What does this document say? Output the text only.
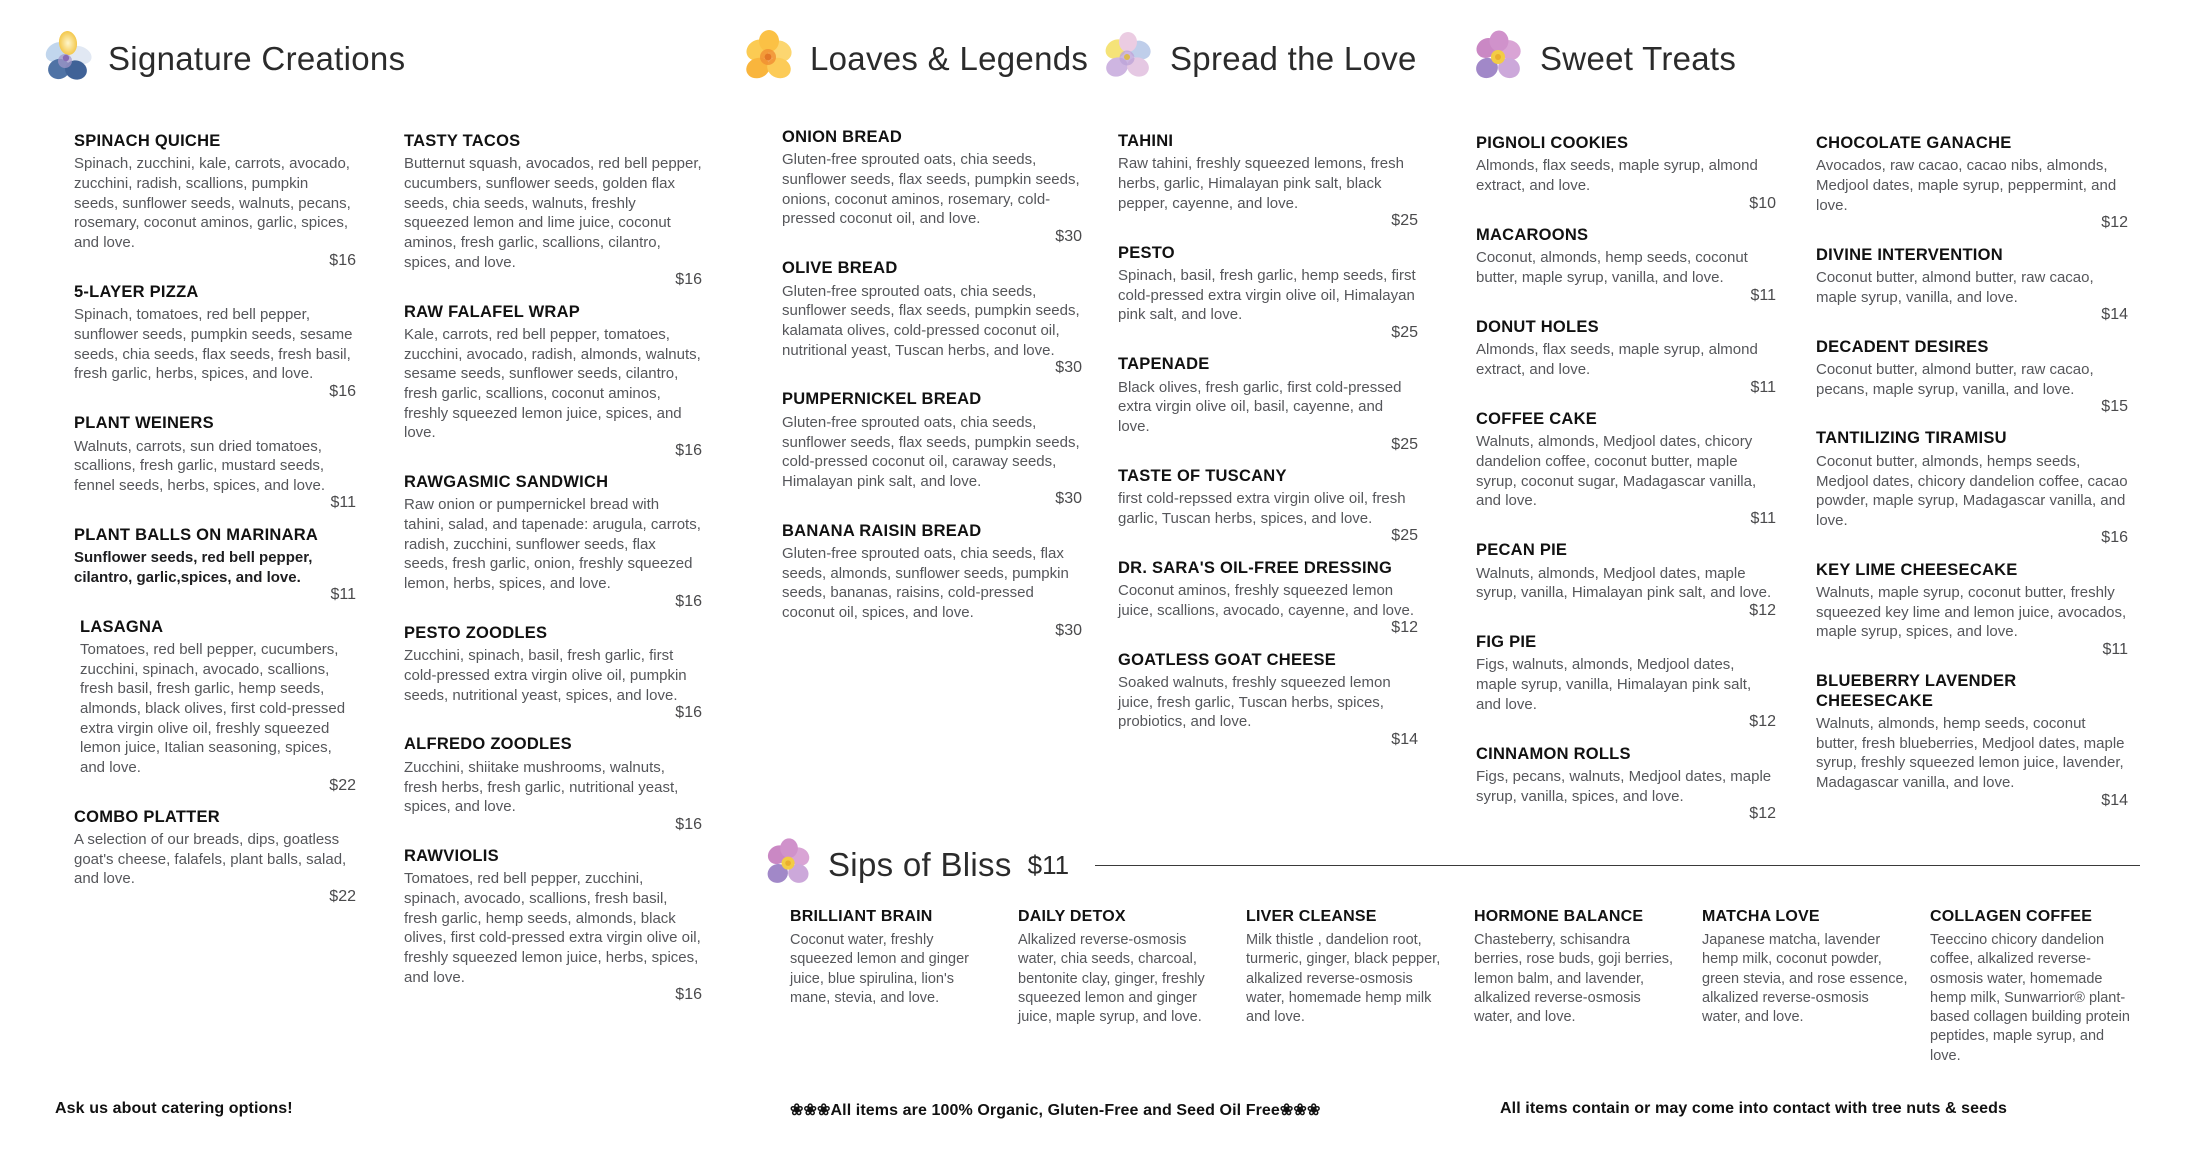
Signature Creations
SPINACH QUICHE
Spinach, zucchini, kale, carrots, avocado, zucchini, radish, scallions, pumpkin seeds, sunflower seeds, walnuts, pecans, rosemary, coconut aminos, garlic, spices, and love.
$16
5-LAYER PIZZA
Spinach, tomatoes, red bell pepper, sunflower seeds, pumpkin seeds, sesame seeds, chia seeds, flax seeds, fresh basil, fresh garlic, herbs, spices, and love.
$16
PLANT WEINERS
Walnuts, carrots, sun dried tomatoes, scallions, fresh garlic, mustard seeds, fennel seeds, herbs, spices, and love.
$11
PLANT BALLS ON MARINARA
Sunflower seeds, red bell pepper, cilantro, garlic,spices, and love.
$11
LASAGNA
Tomatoes, red bell pepper, cucumbers, zucchini, spinach, avocado, scallions, fresh basil, fresh garlic, hemp seeds, almonds, black olives, first cold-pressed extra virgin olive oil, freshly squeezed lemon juice, Italian seasoning, spices, and love.
$22
COMBO PLATTER
A selection of our breads, dips, goatless goat's cheese, falafels, plant balls, salad, and love.
$22
TASTY TACOS
Butternut squash, avocados, red bell pepper, cucumbers, sunflower seeds, golden flax seeds, chia seeds, walnuts, freshly squeezed lemon and lime juice, coconut aminos, fresh garlic, scallions, cilantro, spices, and love.
$16
RAW FALAFEL WRAP
Kale, carrots, red bell pepper, tomatoes, zucchini, avocado, radish, almonds, walnuts, sesame seeds, sunflower seeds, cilantro, fresh garlic, scallions, coconut aminos, freshly squeezed lemon juice, spices, and love.
$16
RAWGASMIC SANDWICH
Raw onion or pumpernickel bread with tahini, salad, and tapenade: arugula, carrots, radish, zucchini, sunflower seeds, flax seeds, fresh garlic, onion, freshly squeezed lemon, herbs, spices, and love.
$16
PESTO ZOODLES
Zucchini, spinach, basil, fresh garlic, first cold-pressed extra virgin olive oil, pumpkin seeds, nutritional yeast, spices, and love.
$16
ALFREDO ZOODLES
Zucchini, shiitake mushrooms, walnuts, fresh herbs, fresh garlic, nutritional yeast, spices, and love.
$16
RAWVIOLIS
Tomatoes, red bell pepper, zucchini, spinach, avocado, scallions, fresh basil, fresh garlic, hemp seeds, almonds, black olives, first cold-pressed extra virgin olive oil, freshly squeezed lemon juice, herbs, spices, and love.
$16
Loaves & Legends
ONION BREAD
Gluten-free sprouted oats, chia seeds, sunflower seeds, flax seeds, pumpkin seeds, onions, coconut aminos, rosemary, cold-pressed coconut oil, and love.
$30
OLIVE BREAD
Gluten-free sprouted oats, chia seeds, sunflower seeds, flax seeds, pumpkin seeds, kalamata olives, cold-pressed coconut oil, nutritional yeast, Tuscan herbs, and love.
$30
PUMPERNICKEL BREAD
Gluten-free sprouted oats, chia seeds, sunflower seeds, flax seeds, pumpkin seeds, cold-pressed coconut oil, caraway seeds, Himalayan pink salt, and love.
$30
BANANA RAISIN BREAD
Gluten-free sprouted oats, chia seeds, flax seeds, almonds, sunflower seeds, pumpkin seeds, bananas, raisins, cold-pressed coconut oil, spices, and love.
$30
Spread the Love
TAHINI
Raw tahini, freshly squeezed lemons, fresh herbs, garlic, Himalayan pink salt, black pepper, cayenne, and love.
$25
PESTO
Spinach, basil, fresh garlic, hemp seeds, first cold-pressed extra virgin olive oil, Himalayan pink salt, and love.
$25
TAPENADE
Black olives, fresh garlic, first cold-pressed extra virgin olive oil, basil, cayenne, and love.
$25
TASTE OF TUSCANY
first cold-repssed extra virgin olive oil, fresh garlic, Tuscan herbs, spices, and love.
$25
DR. SARA'S OIL-FREE DRESSING
Coconut aminos, freshly squeezed lemon juice, scallions, avocado, cayenne, and love.
$12
GOATLESS GOAT CHEESE
Soaked walnuts, freshly squeezed lemon juice, fresh garlic, Tuscan herbs, spices, probiotics, and love.
$14
Sweet Treats
PIGNOLI COOKIES
Almonds, flax seeds, maple syrup, almond extract, and love.
$10
MACAROONS
Coconut, almonds, hemp seeds, coconut butter, maple syrup, vanilla, and love.
$11
DONUT HOLES
Almonds, flax seeds, maple syrup, almond extract, and love.
$11
COFFEE CAKE
Walnuts, almonds, Medjool dates, chicory dandelion coffee, coconut butter, maple syrup, coconut sugar, Madagascar vanilla, and love.
$11
PECAN PIE
Walnuts, almonds, Medjool dates, maple syrup, vanilla, Himalayan pink salt, and love.
$12
FIG PIE
Figs, walnuts, almonds, Medjool dates, maple syrup, vanilla, Himalayan pink salt, and love.
$12
CINNAMON ROLLS
Figs, pecans, walnuts, Medjool dates, maple syrup, vanilla, spices, and love.
$12
CHOCOLATE GANACHE
Avocados, raw cacao, cacao nibs, almonds, Medjool dates, maple syrup, peppermint, and love.
$12
DIVINE INTERVENTION
Coconut butter, almond butter, raw cacao, maple syrup, vanilla, and love.
$14
DECADENT DESIRES
Coconut butter, almond butter, raw cacao, pecans, maple syrup, vanilla, and love.
$15
TANTILIZING TIRAMISU
Coconut butter, almonds, hemps seeds, Medjool dates, chicory dandelion coffee, cacao powder, maple syrup, Madagascar vanilla, and love.
$16
KEY LIME CHEESECAKE
Walnuts, maple syrup, coconut butter, freshly squeezed key lime and lemon juice, avocados, maple syrup, spices, and love.
$11
BLUEBERRY LAVENDER CHEESECAKE
Walnuts, almonds, hemp seeds, coconut butter, fresh blueberries, Medjool dates, maple syrup, freshly squeezed lemon juice, lavender, Madagascar vanilla, and love.
$14
Sips of Bliss $11
BRILLIANT BRAIN
Coconut water, freshly squeezed lemon and ginger juice, blue spirulina, lion's mane, stevia, and love.
DAILY DETOX
Alkalized reverse-osmosis water, chia seeds, charcoal, bentonite clay, ginger, freshly squeezed lemon and ginger juice, maple syrup, and love.
LIVER CLEANSE
Milk thistle , dandelion root, turmeric, ginger, black pepper, alkalized reverse-osmosis water, homemade hemp milk and love.
HORMONE BALANCE
Chasteberry, schisandra berries, rose buds, goji berries, lemon balm, and lavender, alkalized reverse-osmosis water, and love.
MATCHA LOVE
Japanese matcha, lavender hemp milk, coconut powder, green stevia, and rose essence, alkalized reverse-osmosis water, and love.
COLLAGEN COFFEE
Teeccino chicory dandelion coffee, alkalized reverse-osmosis water, homemade hemp milk, Sunwarrior® plant-based collagen building protein peptides, maple syrup, and love.
Ask us about catering options!	❀❀❀All items are 100% Organic, Gluten-Free and Seed Oil Free❀❀❀	All items contain or may come into contact with tree nuts & seeds
